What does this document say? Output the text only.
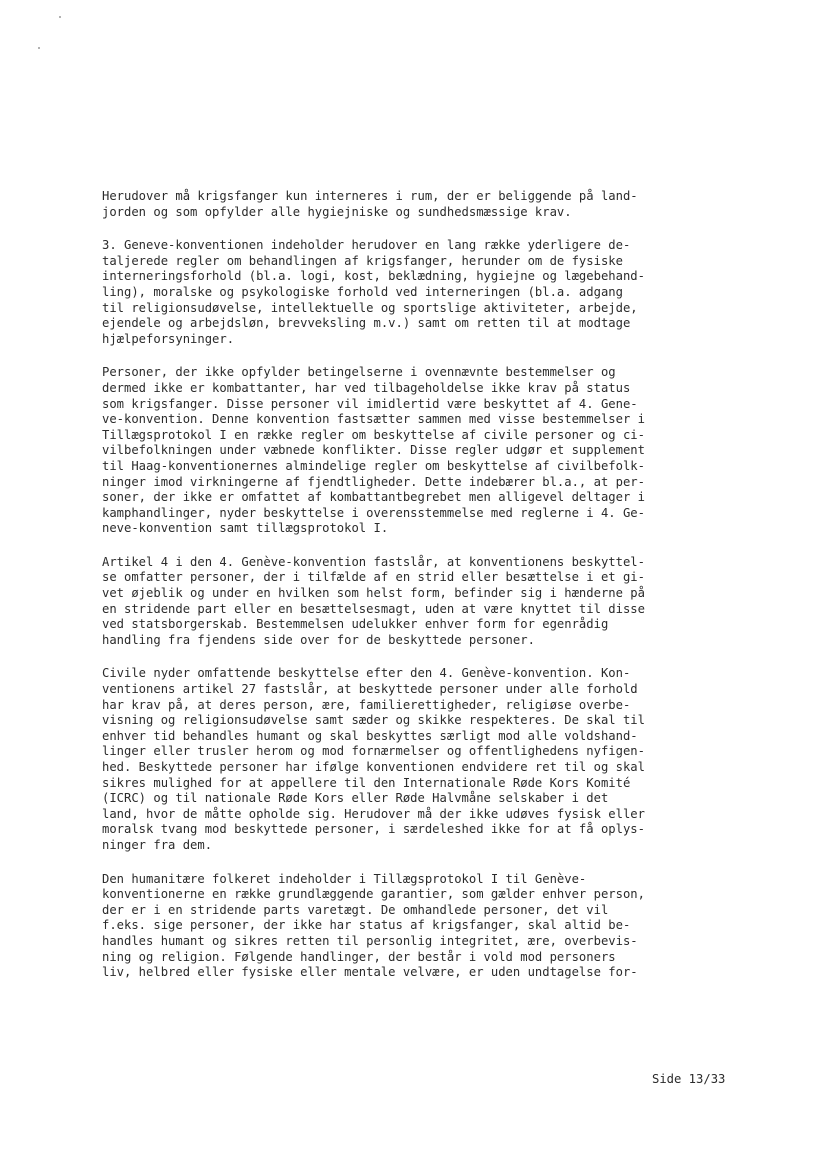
Herudover må krigsfanger kun interneres i rum, der er beliggende på land-
jorden og som opfylder alle hygiejniske og sundhedsmæssige krav.
3. Geneve-konventionen indeholder herudover en lang række yderligere de-
taljerede regler om behandlingen af krigsfanger, herunder om de fysiske
interneringsforhold (bl.a. logi, kost, beklædning, hygiejne og lægebehand-
ling), moralske og psykologiske forhold ved interneringen (bl.a. adgang
til religionsudøvelse, intellektuelle og sportslige aktiviteter, arbejde,
ejendele og arbejdsløn, brevveksling m.v.) samt om retten til at modtage
hjælpeforsyninger.
Personer, der ikke opfylder betingelserne i ovennævnte bestemmelser og
dermed ikke er kombattanter, har ved tilbageholdelse ikke krav på status
som krigsfanger. Disse personer vil imidlertid være beskyttet af 4. Gene-
ve-konvention. Denne konvention fastsætter sammen med visse bestemmelser i
Tillægsprotokol I en række regler om beskyttelse af civile personer og ci-
vilbefolkningen under væbnede konflikter. Disse regler udgør et supplement
til Haag-konventionernes almindelige regler om beskyttelse af civilbefolk-
ninger imod virkningerne af fjendtligheder. Dette indebærer bl.a., at per-
soner, der ikke er omfattet af kombattantbegrebet men alligevel deltager i
kamphandlinger, nyder beskyttelse i overensstemmelse med reglerne i 4. Ge-
neve-konvention samt tillægsprotokol I.
Artikel 4 i den 4. Genève-konvention fastslår, at konventionens beskyttel-
se omfatter personer, der i tilfælde af en strid eller besættelse i et gi-
vet øjeblik og under en hvilken som helst form, befinder sig i hænderne på
en stridende part eller en besættelsesmagt, uden at være knyttet til disse
ved statsborgerskab. Bestemmelsen udelukker enhver form for egenrådig
handling fra fjendens side over for de beskyttede personer.
Civile nyder omfattende beskyttelse efter den 4. Genève-konvention. Kon-
ventionens artikel 27 fastslår, at beskyttede personer under alle forhold
har krav på, at deres person, ære, familierettigheder, religiøse overbe-
visning og religionsudøvelse samt sæder og skikke respekteres. De skal til
enhver tid behandles humant og skal beskyttes særligt mod alle voldshand-
linger eller trusler herom og mod fornærmelser og offentlighedens nyfigen-
hed. Beskyttede personer har ifølge konventionen endvidere ret til og skal
sikres mulighed for at appellere til den Internationale Røde Kors Komité
(ICRC) og til nationale Røde Kors eller Røde Halvmåne selskaber i det
land, hvor de måtte opholde sig. Herudover må der ikke udøves fysisk eller
moralsk tvang mod beskyttede personer, i særdeleshed ikke for at få oplys-
ninger fra dem.
Den humanitære folkeret indeholder i Tillægsprotokol I til Genève-
konventionerne en række grundlæggende garantier, som gælder enhver person,
der er i en stridende parts varetægt. De omhandlede personer, det vil
f.eks. sige personer, der ikke har status af krigsfanger, skal altid be-
handles humant og sikres retten til personlig integritet, ære, overbevis-
ning og religion. Følgende handlinger, der består i vold mod personers
liv, helbred eller fysiske eller mentale velvære, er uden undtagelse for-
Side 13/33
